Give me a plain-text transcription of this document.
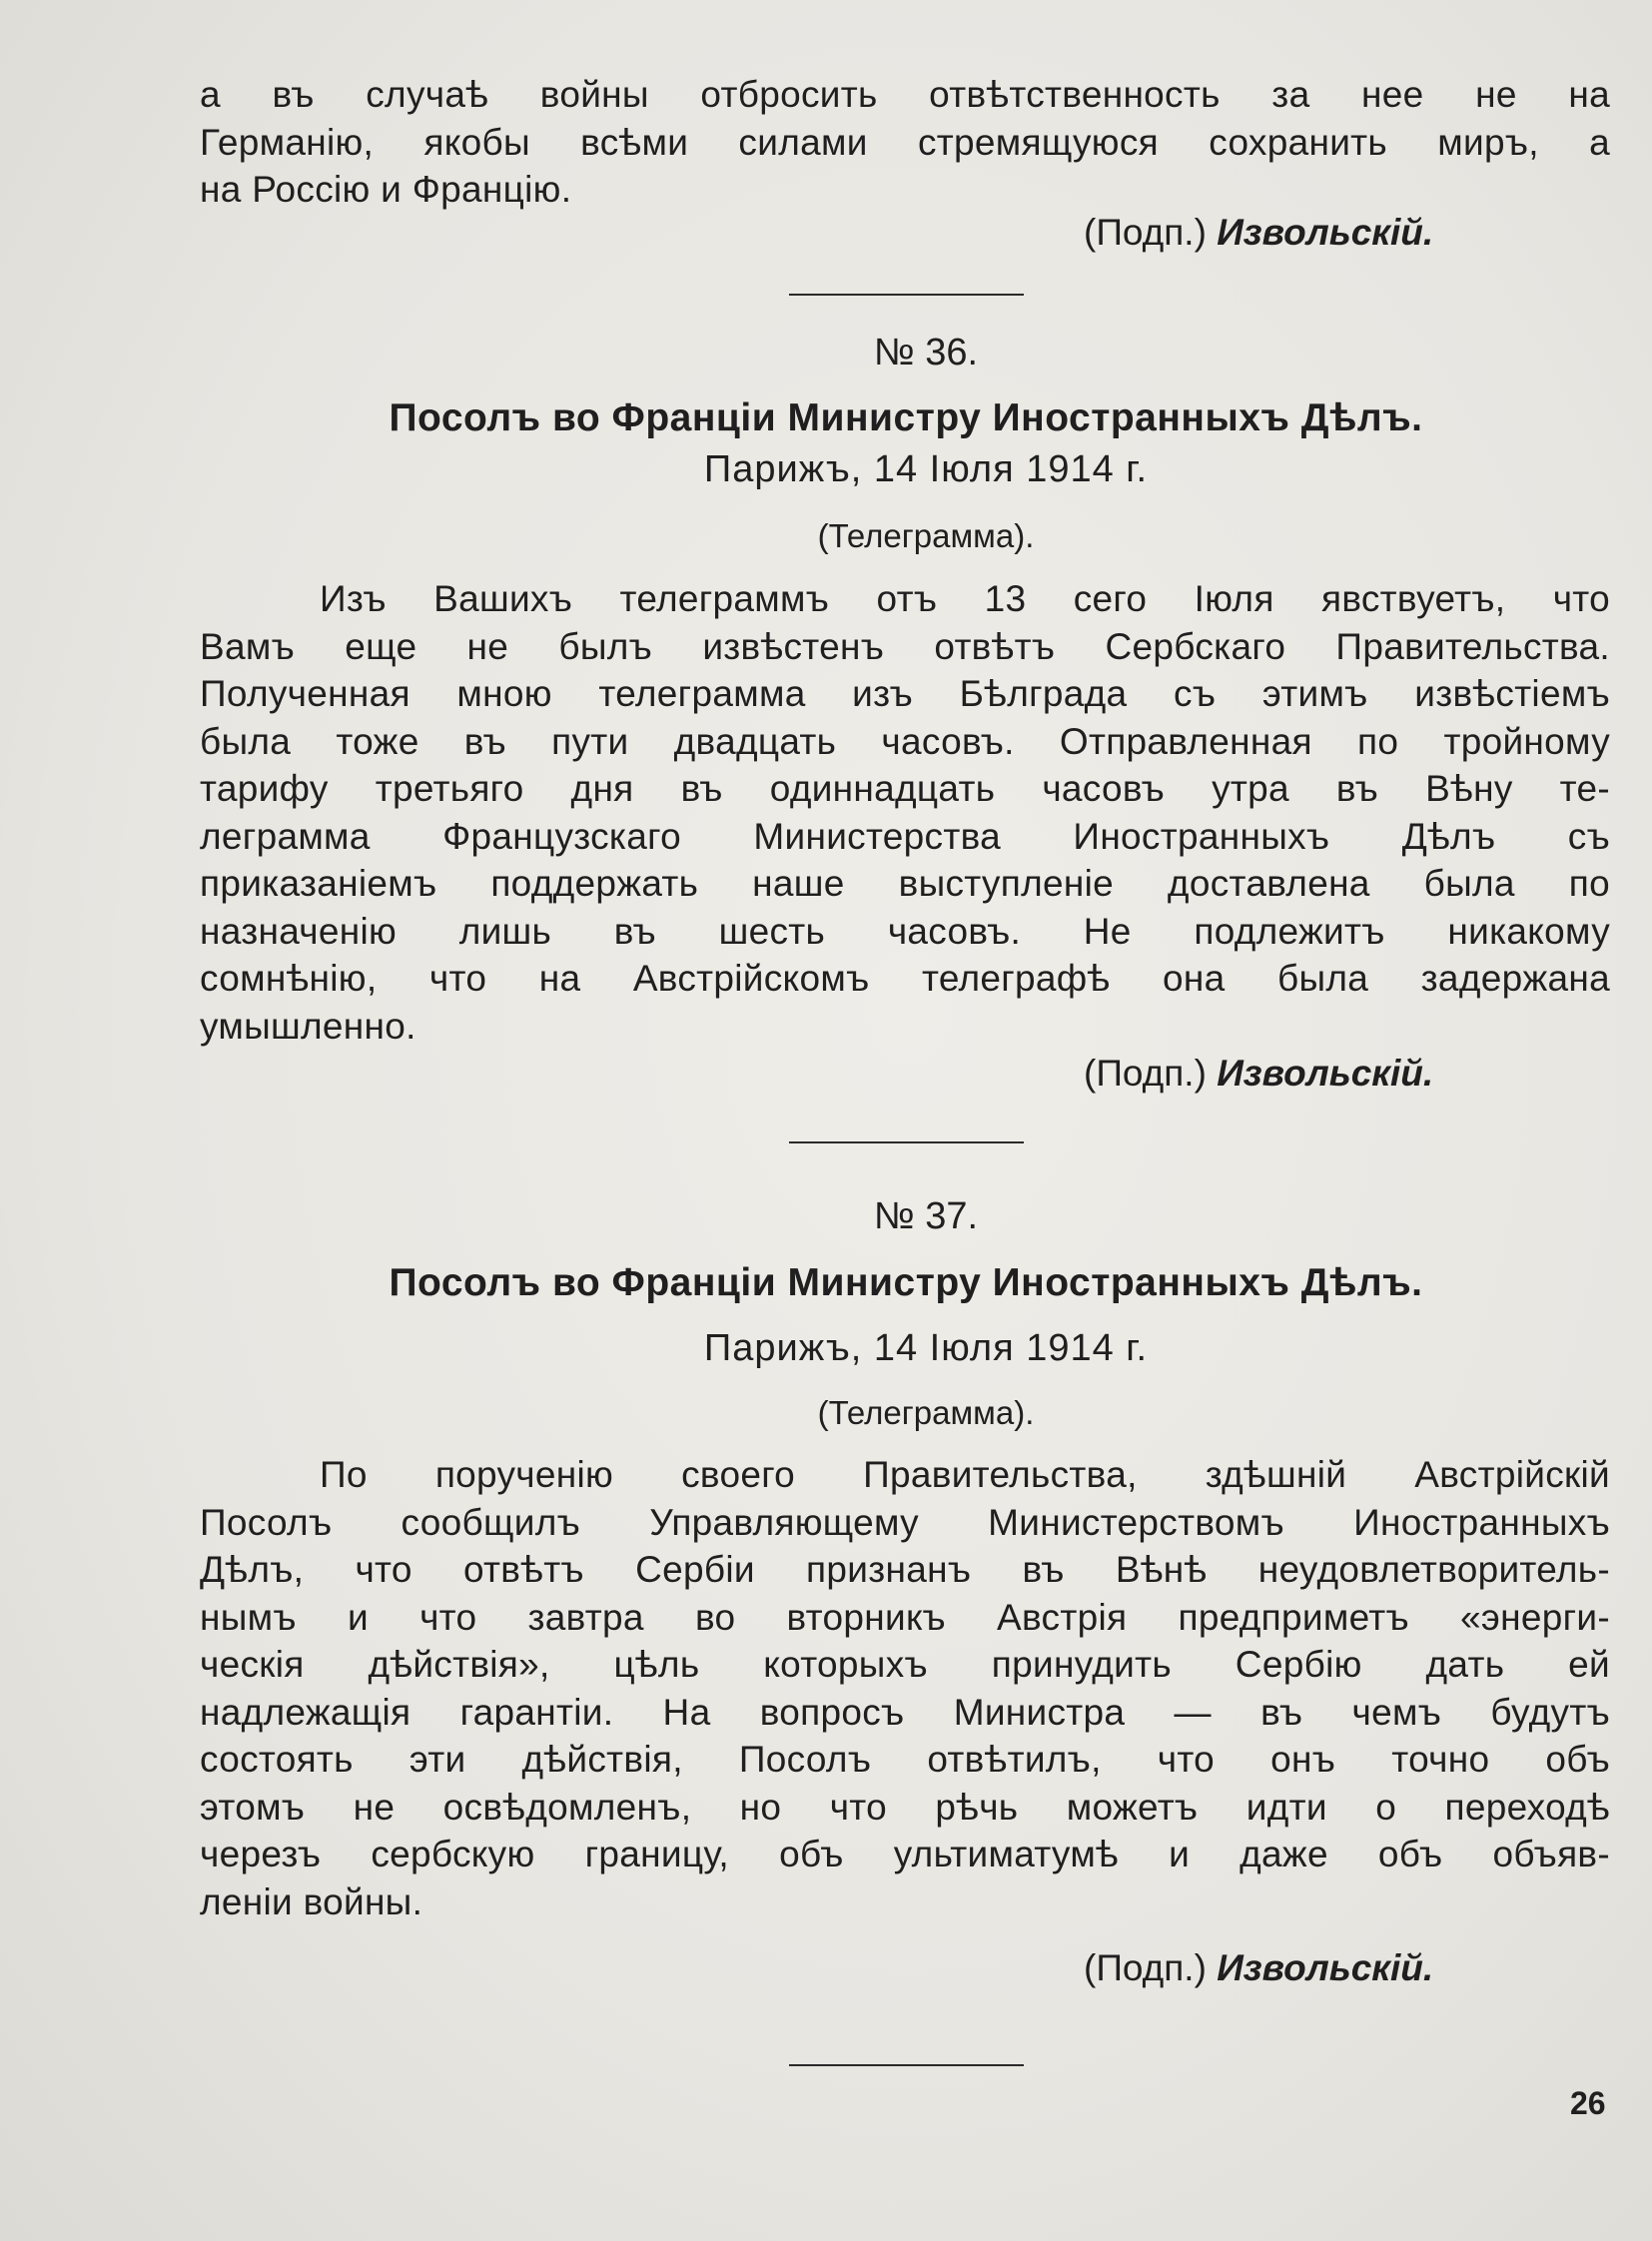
а въ случаѣ войны отбросить отвѣтственность за нее не на
Германію, якобы всѣми силами стремящуюся сохранить миръ, а
на Россію и Францію.
(Подп.) Извольскій.
№ 36.
Посолъ во Франціи Министру Иностранныхъ Дѣлъ.
Парижъ, 14 Іюля 1914 г.
(Телеграмма).
Изъ Вашихъ телеграммъ отъ 13 сего Іюля явствуетъ, что
Вамъ еще не былъ извѣстенъ отвѣтъ Сербскаго Правительства.
Полученная мною телеграмма изъ Бѣлграда съ этимъ извѣстіемъ
была тоже въ пути двадцать часовъ. Отправленная по тройному
тарифу третьяго дня въ одиннадцать часовъ утра въ Вѣну те-
леграмма Французскаго Министерства Иностранныхъ Дѣлъ съ
приказаніемъ поддержать наше выступленіе доставлена была по
назначенію лишь въ шесть часовъ. Не подлежитъ никакому
сомнѣнію, что на Австрійскомъ телеграфѣ она была задержана
умышленно.
(Подп.) Извольскій.
№ 37.
Посолъ во Франціи Министру Иностранныхъ Дѣлъ.
Парижъ, 14 Іюля 1914 г.
(Телеграмма).
По порученію своего Правительства, здѣшній Австрійскій
Посолъ сообщилъ Управляющему Министерствомъ Иностранныхъ
Дѣлъ, что отвѣтъ Сербіи признанъ въ Вѣнѣ неудовлетворитель-
нымъ и что завтра во вторникъ Австрія предприметъ «энерги-
ческія дѣйствія», цѣль которыхъ принудить Сербію дать ей
надлежащія гарантіи. На вопросъ Министра — въ чемъ будутъ
состоять эти дѣйствія, Посолъ отвѣтилъ, что онъ точно объ
этомъ не освѣдомленъ, но что рѣчь можетъ идти о переходѣ
черезъ сербскую границу, объ ультиматумѣ и даже объ объяв-
леніи войны.
(Подп.) Извольскій.
26
